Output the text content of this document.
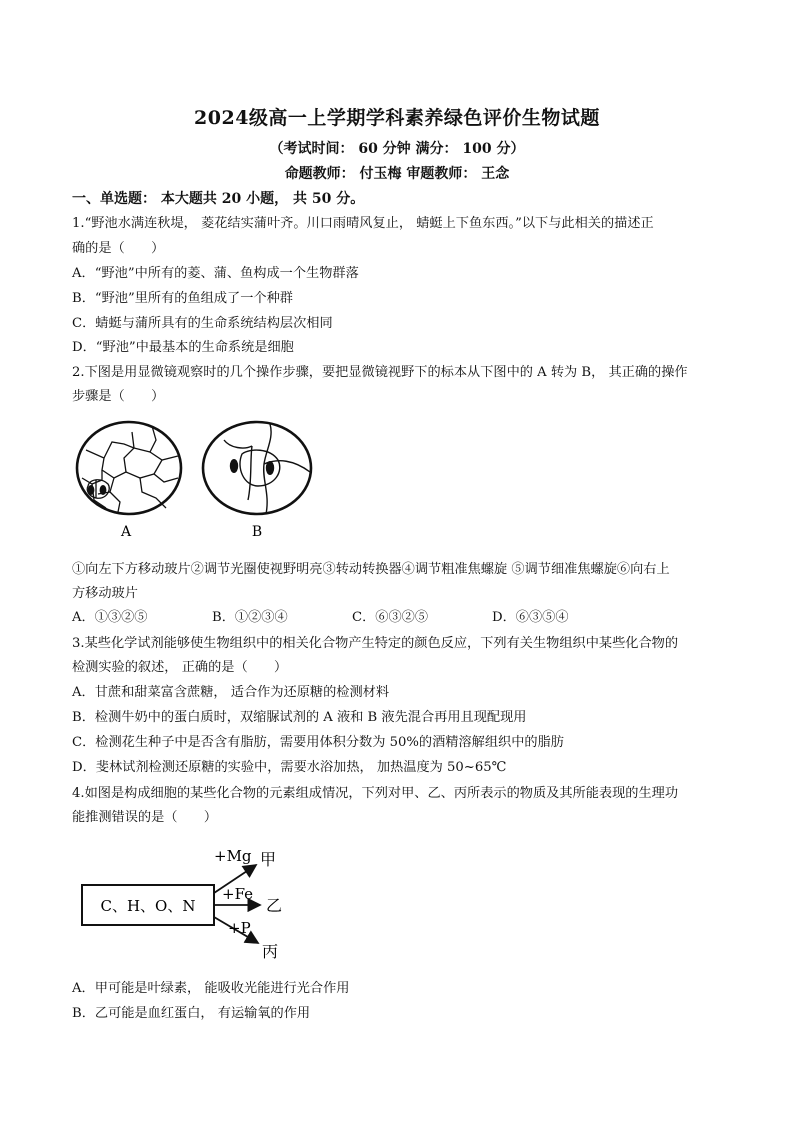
2024级高一上学期学科素养绿色评价生物试题
（考试时间： 60 分钟 满分： 100 分）
命题教师： 付玉梅 审题教师： 王念
一、单选题： 本大题共 20 小题， 共 50 分。
1.“野池水满连秋堤， 菱花结实蒲叶齐。川口雨晴风复止， 蜻蜓上下鱼东西。”以下与此相关的描述正
确的是（　　）
A．“野池”中所有的菱、蒲、鱼构成一个生物群落
B．“野池”里所有的鱼组成了一个种群
C．蜻蜓与蒲所具有的生命系统结构层次相同
D．“野池”中最基本的生命系统是细胞
2.下图是用显微镜观察时的几个操作步骤，要把显微镜视野下的标本从下图中的 A 转为 B， 其正确的操作
步骤是（　　）
A	B
①向左下方移动玻片②调节光圈使视野明亮③转动转换器④调节粗准焦螺旋 ⑤调节细准焦螺旋⑥向右上
方移动玻片
A．①③②⑤	B．①②③④	C．⑥③②⑤	D．⑥③⑤④
3.某些化学试剂能够使生物组织中的相关化合物产生特定的颜色反应，下列有关生物组织中某些化合物的
检测实验的叙述， 正确的是（　　）
A．甘蔗和甜菜富含蔗糖， 适合作为还原糖的检测材料
B．检测牛奶中的蛋白质时，双缩脲试剂的 A 液和 B 液先混合再用且现配现用
C．检测花生种子中是否含有脂肪，需要用体积分数为 50%的酒精溶解组织中的脂肪
D．斐林试剂检测还原糖的实验中，需要水浴加热， 加热温度为 50~65℃
4.如图是构成细胞的某些化合物的元素组成情况，下列对甲、乙、丙所表示的物质及其所能表现的生理功
能推测错误的是（　　）
C、H、O、N
+Mg 甲
+Fe
乙
+P
丙
A．甲可能是叶绿素， 能吸收光能进行光合作用
B．乙可能是血红蛋白， 有运输氧的作用
